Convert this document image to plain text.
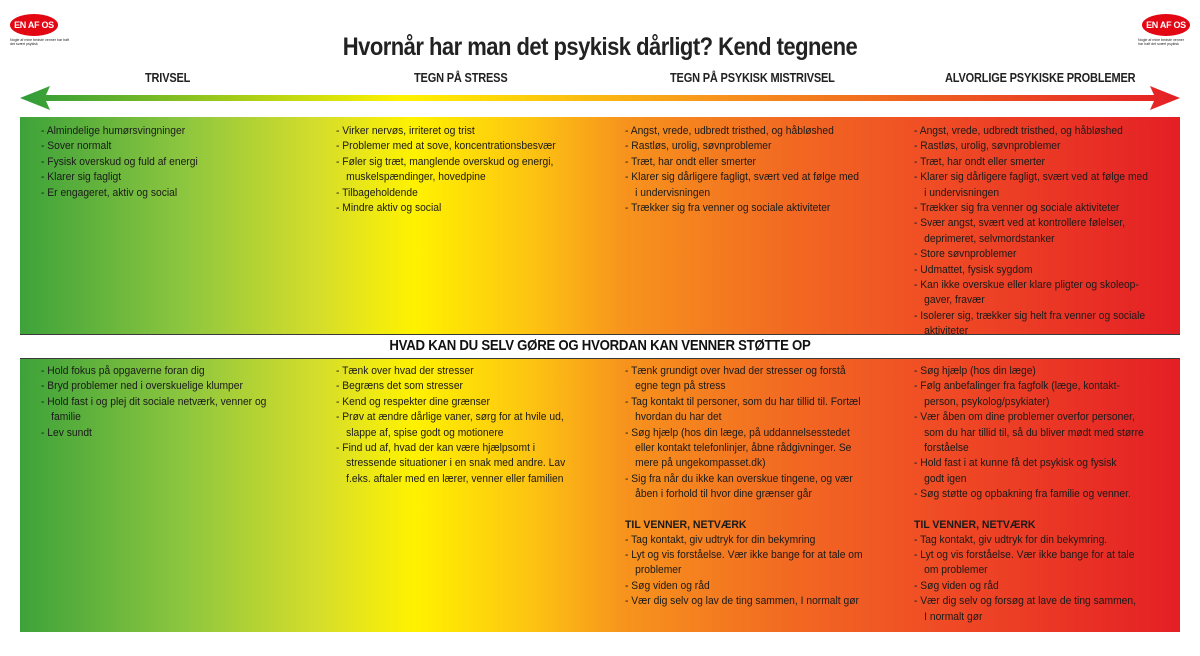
EN AF OS
Nogle af mine bedste venner har haft det svært psykisk
EN AF OS
Nogle af mine bedste venner har haft det svært psykisk
Hvornår har man det psykisk dårligt? Kend tegnene
TRIVSEL	TEGN PÅ STRESS	TEGN PÅ PSYKISK MISTRIVSEL	ALVORLIGE PSYKISKE PROBLEMER
HVAD KAN DU SELV GØRE OG HVORDAN KAN VENNER STØTTE OP
- Almindelige humørsvingninger
- Sover normalt
- Fysisk overskud og fuld af energi
- Klarer sig fagligt
- Er engageret, aktiv og social
- Virker nervøs, irriteret og trist
- Problemer med at sove, koncentrationsbesvær
- Føler sig træt, manglende overskud og energi,
muskelspændinger, hovedpine
- Tilbageholdende
- Mindre aktiv og social
- Angst, vrede, udbredt tristhed, og håbløshed
- Rastløs, urolig, søvnproblemer
- Træt, har ondt eller smerter
- Klarer sig dårligere fagligt, svært ved at følge med
i undervisningen
- Trækker sig fra venner og sociale aktiviteter
- Angst, vrede, udbredt tristhed, og håbløshed
- Rastløs, urolig, søvnproblemer
- Træt, har ondt eller smerter
- Klarer sig dårligere fagligt, svært ved at følge med
i undervisningen
- Trækker sig fra venner og sociale aktiviteter
- Svær angst, svært ved at kontrollere følelser,
deprimeret, selvmordstanker
- Store søvnproblemer
- Udmattet, fysisk sygdom
- Kan ikke overskue eller klare pligter og skoleop-
gaver, fravær
- Isolerer sig, trækker sig helt fra venner og sociale
aktiviteter
- Hold fokus på opgaverne foran dig
- Bryd problemer ned i overskuelige klumper
- Hold fast i og plej dit sociale netværk, venner og
familie
- Lev sundt
- Tænk over hvad der stresser
- Begræns det som stresser
- Kend og respekter dine grænser
- Prøv at ændre dårlige vaner, sørg for at hvile ud,
slappe af, spise godt og motionere
- Find ud af, hvad der kan være hjælpsomt i
stressende situationer i en snak med andre. Lav
f.eks. aftaler med en lærer, venner eller familien
- Tænk grundigt over hvad der stresser og forstå
egne tegn på stress
- Tag kontakt til personer, som du har tillid til. Fortæl
hvordan du har det
- Søg hjælp (hos din læge, på uddannelsesstedet
eller kontakt telefonlinjer, åbne rådgivninger. Se
mere på ungekompasset.dk)
- Sig fra når du ikke kan overskue tingene, og vær
åben i forhold til hvor dine grænser går
TIL VENNER, NETVÆRK
- Tag kontakt, giv udtryk for din bekymring
- Lyt og vis forståelse. Vær ikke bange for at tale om
problemer
- Søg viden og råd
- Vær dig selv og lav de ting sammen, I normalt gør
- Søg hjælp (hos din læge)
- Følg anbefalinger fra fagfolk (læge, kontakt-
person, psykolog/psykiater)
- Vær åben om dine problemer overfor personer,
som du har tillid til, så du bliver mødt med større
forståelse
- Hold fast i at kunne få det psykisk og fysisk
godt igen
- Søg støtte og opbakning fra familie og venner.
TIL VENNER, NETVÆRK
- Tag kontakt, giv udtryk for din bekymring.
- Lyt og vis forståelse. Vær ikke bange for at tale
om problemer
- Søg viden og råd
- Vær dig selv og forsøg at lave de ting sammen,
I normalt gør
